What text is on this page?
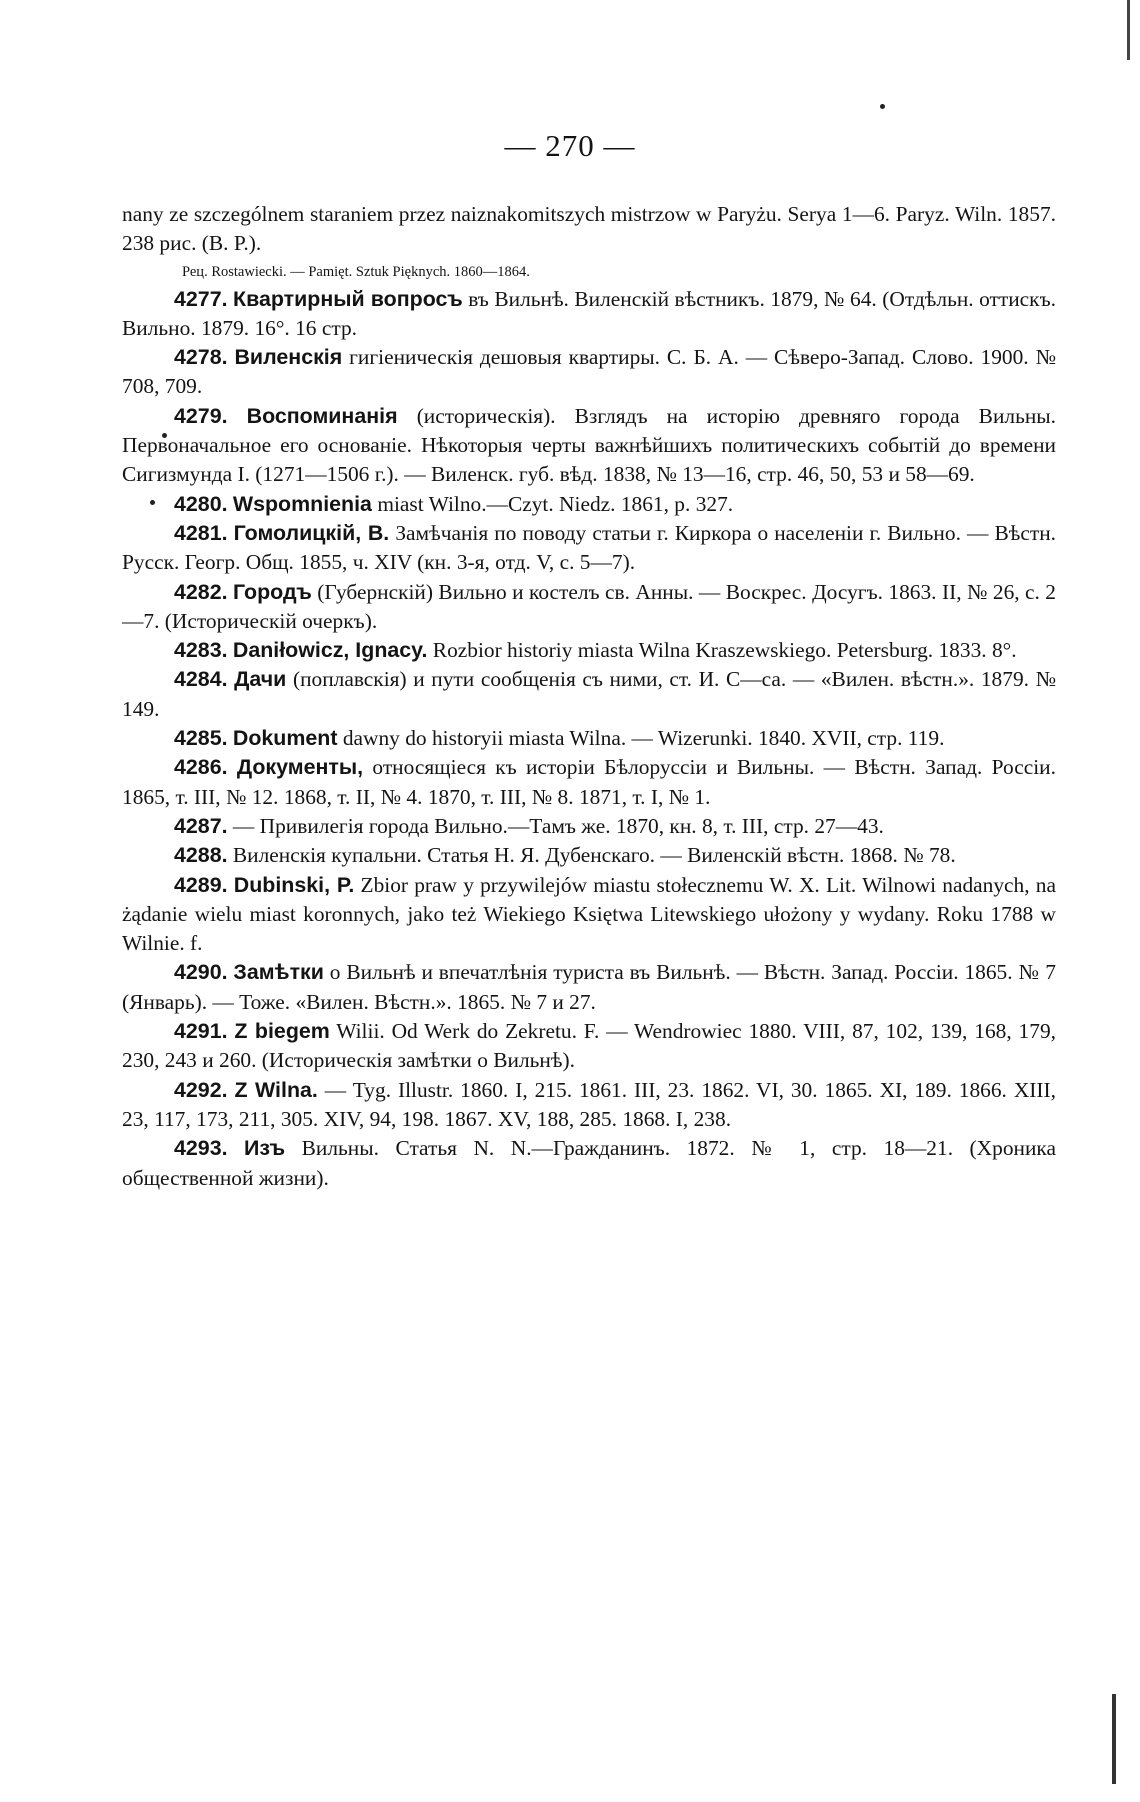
— 270 —

nany ze szczególnem staraniem przez naiznakomitszych mistrzow w Paryżu. Serya 1—6. Paryz. Wiln. 1857. 238 рис. (B. P.).

Рец. Rostawiecki. — Pamięt. Sztuk Pięknych. 1860—1864.

4277. Квартирный вопросъ въ Вильнѣ. Виленскій вѣстникъ. 1879, № 64. (Отдѣльн. оттискъ. Вильно. 1879. 16°. 16 стр.

4278. Виленскія гигіеническія дешовыя квартиры. С. Б. А. — Сѣверо-Запад. Слово. 1900. № 708, 709.

4279. Воспоминанія (историческія). Взглядъ на исторію древняго города Вильны. Первоначальное его основаніе. Нѣкоторыя черты важнѣйшихъ политическихъ событій до времени Сигизмунда I. (1271—1506 г.). — Виленск. губ. вѣд. 1838, № 13—16, стр. 46, 50, 53 и 58—69.

4280. Wspomnienia miast Wilno.—Czyt. Niedz. 1861, p. 327.

4281. Гомолицкій, В. Замѣчанія по поводу статьи г. Киркора о населеніи г. Вильно. — Вѣстн. Русск. Геогр. Общ. 1855, ч. XIV (кн. 3-я, отд. V, с. 5—7).

4282. Городъ (Губернскій) Вильно и костелъ св. Анны. — Воскрес. Досугъ. 1863. II, № 26, с. 2—7. (Историческій очеркъ).

4283. Daniłowicz, Ignacy. Rozbior historiy miasta Wilna Kraszewskiego. Petersburg. 1833. 8°.

4284. Дачи (поплавскія) и пути сообщенія съ ними, ст. И. С—са. — «Вилен. вѣстн.». 1879. № 149.

4285. Dokument dawny do historyii miasta Wilna. — Wizerunki. 1840. XVII, стр. 119.

4286. Документы, относящіеся къ исторіи Бѣлоруссіи и Вильны. — Вѣстн. Запад. Россіи. 1865, т. III, № 12. 1868, т. II, № 4. 1870, т. III, № 8. 1871, т. I, № 1.

4287. — Привилегія города Вильно.—Тамъ же. 1870, кн. 8, т. III, стр. 27—43.

4288. Виленскія купальни. Статья Н. Я. Дубенскаго. — Виленскій вѣстн. 1868. № 78.

4289. Dubinski, P. Zbior praw y przywilejów miastu stołecznemu W. X. Lit. Wilnowi nadanych, na żądanie wielu miast koronnych, jako też Wiekiego Księtwa Litewskiego ułożony y wydany. Roku 1788 w Wilnie. f.

4290. Замѣтки о Вильнѣ и впечатлѣнія туриста въ Вильнѣ. — Вѣстн. Запад. Россіи. 1865. № 7 (Январь). — Тоже. «Вилен. Вѣстн.». 1865. № 7 и 27.

4291. Z biegem Wilii. Od Werk do Zekretu. F. — Wendrowiec 1880. VIII, 87, 102, 139, 168, 179, 230, 243 и 260. (Историческія замѣтки о Вильнѣ).

4292. Z Wilna. — Tyg. Illustr. 1860. I, 215. 1861. III, 23. 1862. VI, 30. 1865. XI, 189. 1866. XIII, 23, 117, 173, 211, 305. XIV, 94, 198. 1867. XV, 188, 285. 1868. I, 238.

4293. Изъ Вильны. Статья N. N.—Гражданинъ. 1872. № 1, стр. 18—21. (Хроника общественной жизни).
